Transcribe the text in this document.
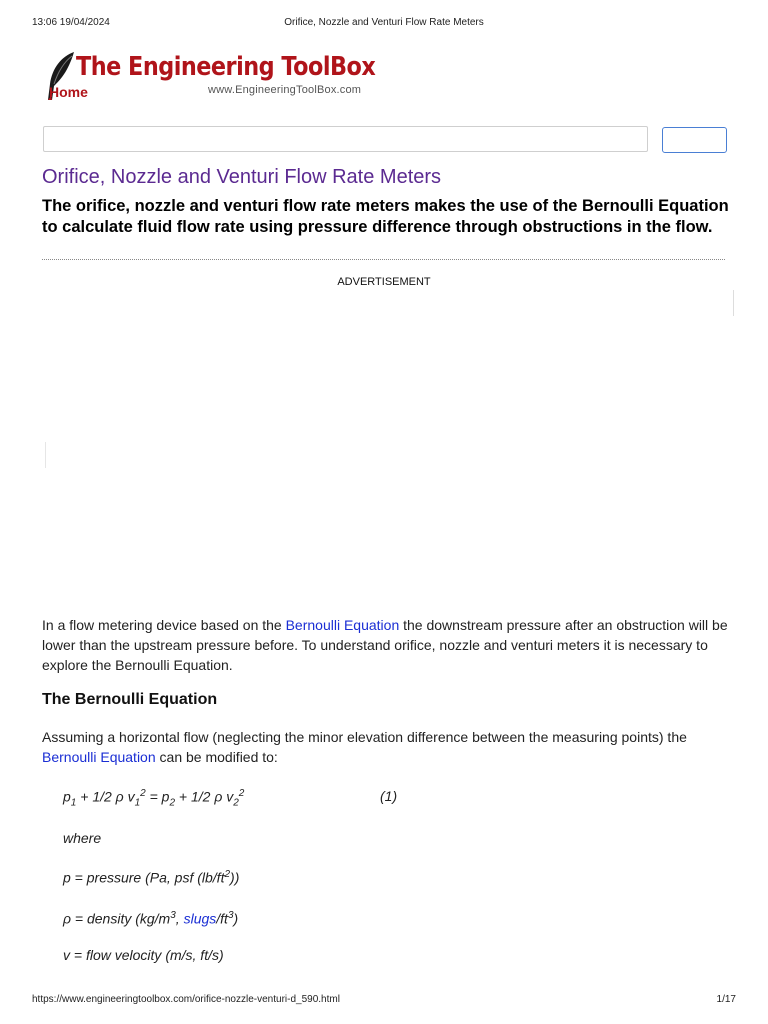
13:06 19/04/2024	Orifice, Nozzle and Venturi Flow Rate Meters
The Engineering ToolBox
Home	www.EngineeringToolBox.com
Orifice, Nozzle and Venturi Flow Rate Meters

The orifice, nozzle and venturi flow rate meters makes the use of the Bernoulli Equation to calculate fluid flow rate using pressure difference through obstructions in the flow.

ADVERTISEMENT

In a flow metering device based on the Bernoulli Equation the downstream pressure after an obstruction will be lower than the upstream pressure before. To understand orifice, nozzle and venturi meters it is necessary to explore the Bernoulli Equation.

The Bernoulli Equation

Assuming a horizontal flow (neglecting the minor elevation difference between the measuring points) the Bernoulli Equation can be modified to:

$p_1 + 1/2$ ρ $v_1^2 = p_2 + 1/2$ ρ $v_2^2$	(1)

where

p = pressure (Pa, psf $(lb/ft^2)$)

ρ = density ($kg/m^3$, slugs/$ft^3$)

v = flow velocity (m/s, ft/s)

https://www.engineeringtoolbox.com/orifice-nozzle-venturi-d_590.html	1/17
